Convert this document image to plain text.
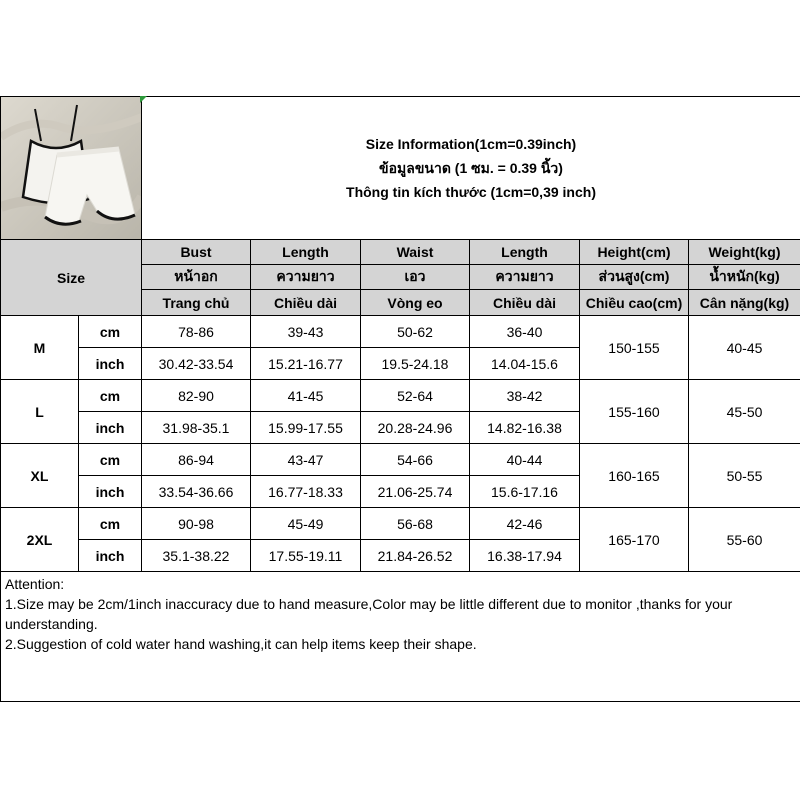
Size Information(1cm=0.39inch)
ข้อมูลขนาด (1 ซม. = 0.39 นิ้ว)
Thông tin kích thước (1cm=0,39 inch)					

Size		Bust	Length	Waist	Length	Height(cm)	Weight(kg)
		หน้าอก	ความยาว	เอว	ความยาว	ส่วนสูง(cm)	น้ำหนัก(kg)
		Trang chủ	Chiều dài	Vòng eo	Chiều dài	Chiều cao(cm)	Cân nặng(kg)
M	cm	78-86	39-43	50-62	36-40	150-155	40-45
	inch	30.42-33.54	15.21-16.77	19.5-24.18	14.04-15.6		
L	cm	82-90	41-45	52-64	38-42	155-160	45-50
	inch	31.98-35.1	15.99-17.55	20.28-24.96	14.82-16.38		
XL	cm	86-94	43-47	54-66	40-44	160-165	50-55
	inch	33.54-36.66	16.77-18.33	21.06-25.74	15.6-17.16		
2XL	cm	90-98	45-49	56-68	42-46	165-170	55-60
	inch	35.1-38.22	17.55-19.11	21.84-26.52	16.38-17.94		

Attention:
1.Size may be 2cm/1inch inaccuracy due to hand measure,Color may be little different due to monitor ,thanks for your understanding.
2.Suggestion of cold water hand washing,it can help items keep their shape.							
